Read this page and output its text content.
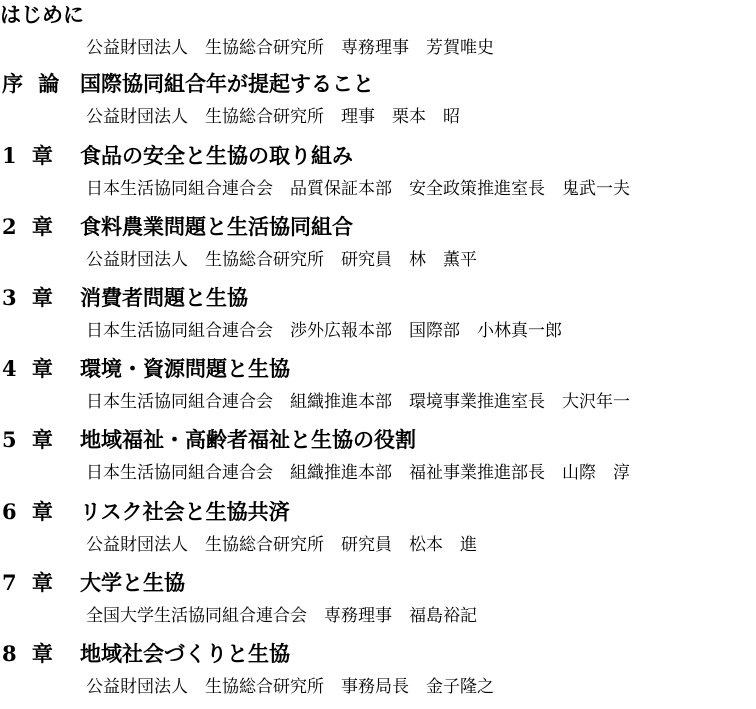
はじめに
公益財団法人　生協総合研究所　専務理事　芳賀唯史
序 論 国際協同組合年が提起すること
公益財団法人　生協総合研究所　理事　栗本　昭
1 章	食品の安全と生協の取り組み
日本生活協同組合連合会　品質保証本部　安全政策推進室長　鬼武一夫
2 章	食料農業問題と生活協同組合
公益財団法人　生協総合研究所　研究員　林　薫平
3 章	消費者問題と生協
日本生活協同組合連合会　渉外広報本部　国際部　小林真一郎
4 章	環境・資源問題と生協
日本生活協同組合連合会　組織推進本部　環境事業推進室長　大沢年一
5 章	地域福祉・高齢者福祉と生協の役割
日本生活協同組合連合会　組織推進本部　福祉事業推進部長　山際　淳
6 章	リスク社会と生協共済
公益財団法人　生協総合研究所　研究員　松本　進
7 章	大学と生協
全国大学生活協同組合連合会　専務理事　福島裕記
8 章	地域社会づくりと生協
公益財団法人　生協総合研究所　事務局長　金子隆之
